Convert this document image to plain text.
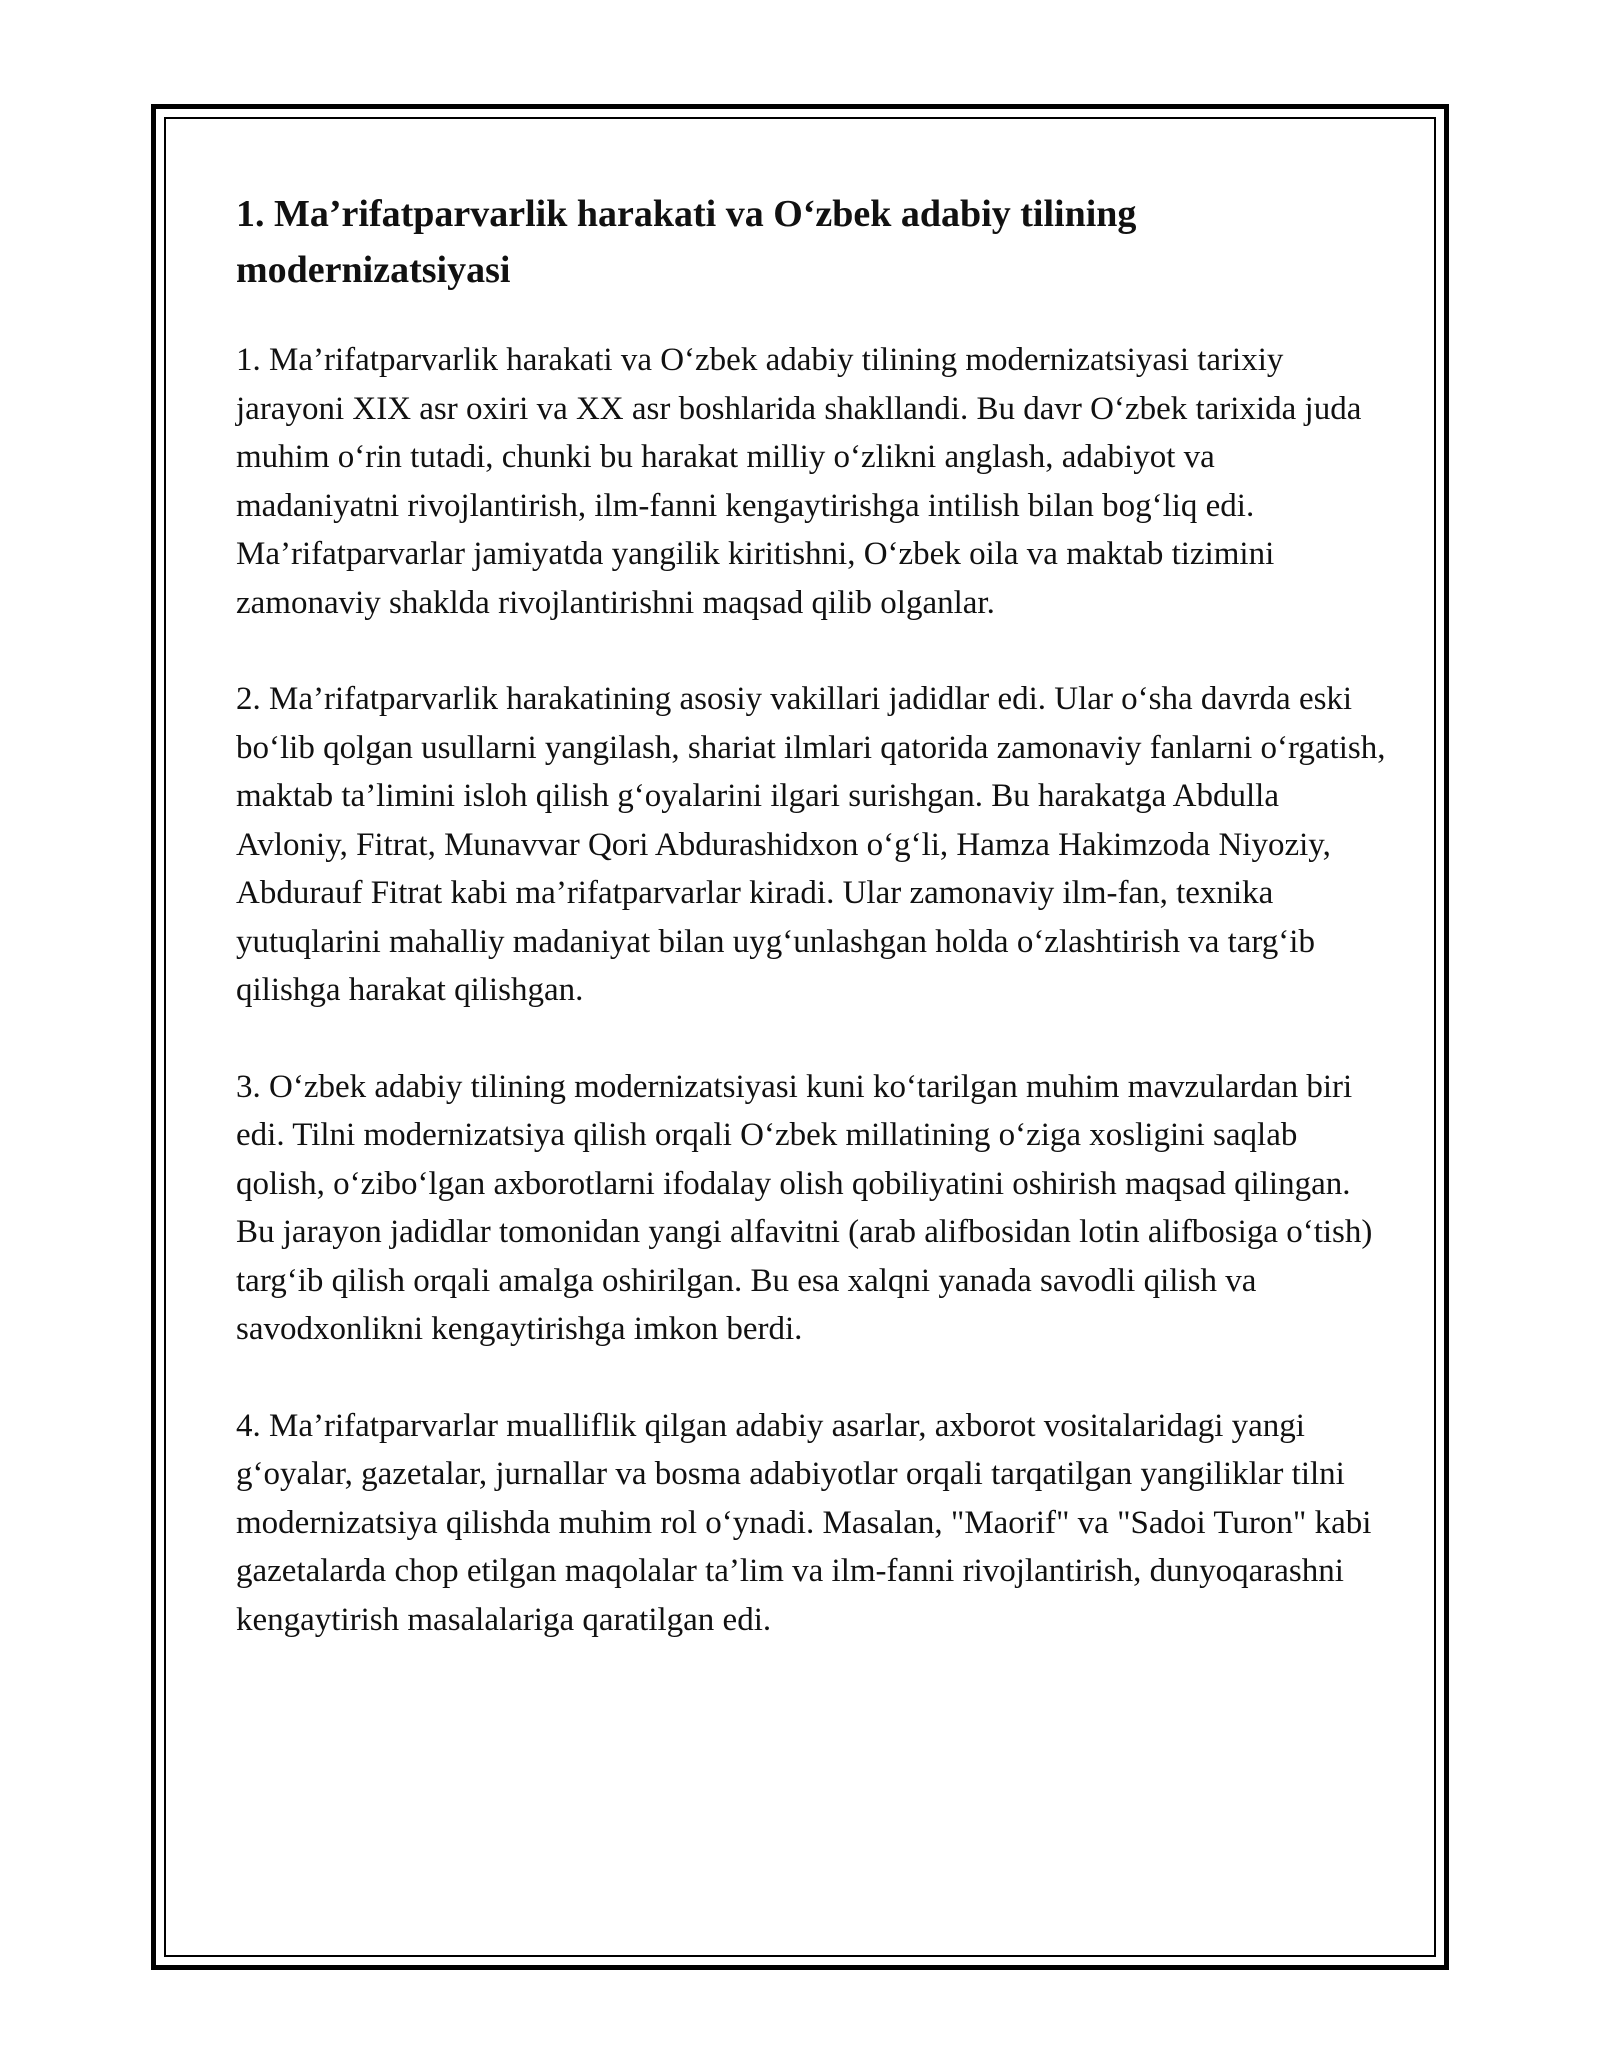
1. Ma’rifatparvarlik harakati va O‘zbek adabiy tilining modernizatsiyasi

1. Ma’rifatparvarlik harakati va O‘zbek adabiy tilining modernizatsiyasi tarixiy jarayoni XIX asr oxiri va XX asr boshlarida shakllandi. Bu davr O‘zbek tarixida juda muhim o‘rin tutadi, chunki bu harakat milliy o‘zlikni anglash, adabiyot va madaniyatni rivojlantirish, ilm-fanni kengaytirishga intilish bilan bog‘liq edi. Ma’rifatparvarlar jamiyatda yangilik kiritishni, O‘zbek oila va maktab tizimini zamonaviy shaklda rivojlantirishni maqsad qilib olganlar.

2. Ma’rifatparvarlik harakatining asosiy vakillari jadidlar edi. Ular o‘sha davrda eski bo‘lib qolgan usullarni yangilash, shariat ilmlari qatorida zamonaviy fanlarni o‘rgatish, maktab ta’limini isloh qilish g‘oyalarini ilgari surishgan. Bu harakatga Abdulla Avloniy, Fitrat, Munavvar Qori Abdurashidxon o‘g‘li, Hamza Hakimzoda Niyoziy, Abdurauf Fitrat kabi ma’rifatparvarlar kiradi. Ular zamonaviy ilm-fan, texnika yutuqlarini mahalliy madaniyat bilan uyg‘unlashgan holda o‘zlashtirish va targ‘ib qilishga harakat qilishgan.

3. O‘zbek adabiy tilining modernizatsiyasi kuni ko‘tarilgan muhim mavzulardan biri edi. Tilni modernizatsiya qilish orqali O‘zbek millatining o‘ziga xosligini saqlab qolish, o‘zibo‘lgan axborotlarni ifodalay olish qobiliyatini oshirish maqsad qilingan. Bu jarayon jadidlar tomonidan yangi alfavitni (arab alifbosidan lotin alifbosiga o‘tish) targ‘ib qilish orqali amalga oshirilgan. Bu esa xalqni yanada savodli qilish va savodxonlikni kengaytirishga imkon berdi.

4. Ma’rifatparvarlar mualliflik qilgan adabiy asarlar, axborot vositalaridagi yangi g‘oyalar, gazetalar, jurnallar va bosma adabiyotlar orqali tarqatilgan yangiliklar tilni modernizatsiya qilishda muhim rol o‘ynadi. Masalan, "Maorif" va "Sadoi Turon" kabi gazetalarda chop etilgan maqolalar ta’lim va ilm-fanni rivojlantirish, dunyoqarashni kengaytirish masalalariga qaratilgan edi.
